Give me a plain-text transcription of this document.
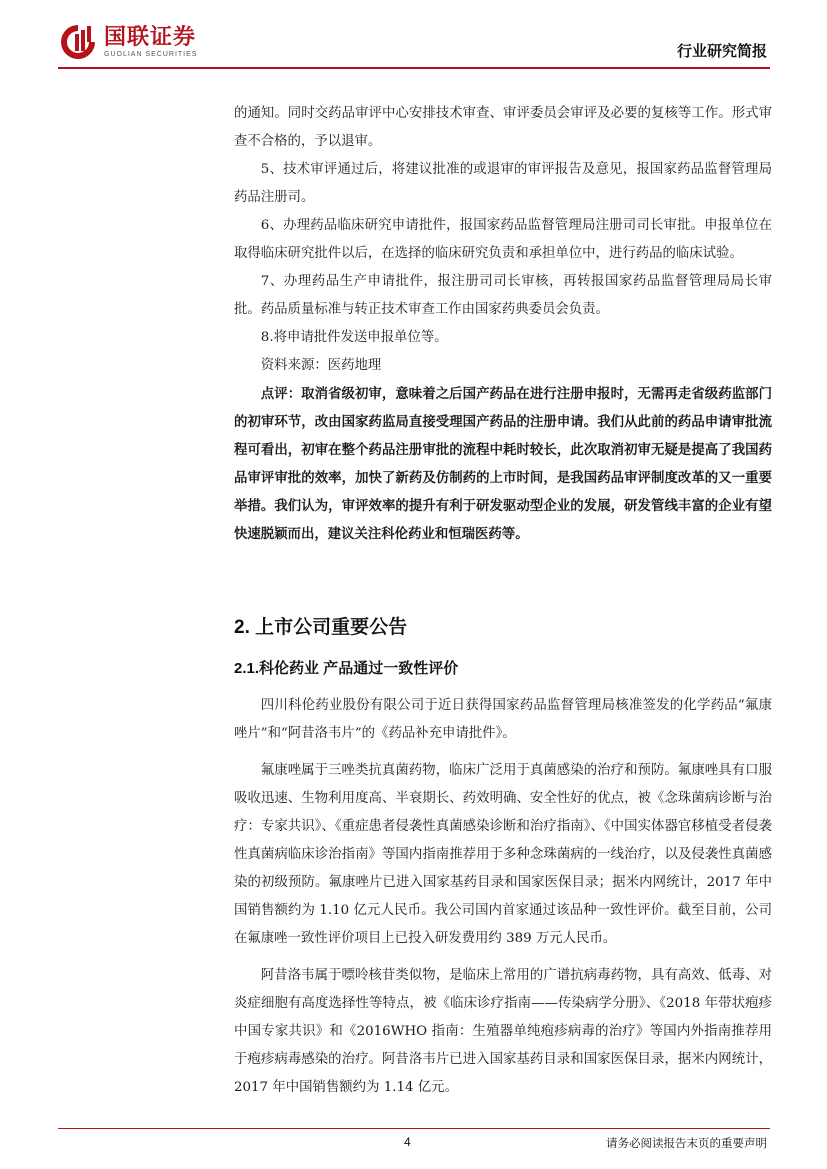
国联证券
GUOLIAN SECURITIES	行业研究简报

的通知。同时交药品审评中心安排技术审查、审评委员会审评及必要的复核等工作。形式审查不合格的，予以退审。

5、技术审评通过后，将建议批准的或退审的审评报告及意见，报国家药品监督管理局药品注册司。

6、办理药品临床研究申请批件，报国家药品监督管理局注册司司长审批。申报单位在取得临床研究批件以后，在选择的临床研究负责和承担单位中，进行药品的临床试验。

7、办理药品生产申请批件，报注册司司长审核，再转报国家药品监督管理局局长审批。药品质量标准与转正技术审查工作由国家药典委员会负责。

8.将申请批件发送申报单位等。

资料来源：医药地理

点评：取消省级初审，意味着之后国产药品在进行注册申报时，无需再走省级药监部门的初审环节，改由国家药监局直接受理国产药品的注册申请。我们从此前的药品申请审批流程可看出，初审在整个药品注册审批的流程中耗时较长，此次取消初审无疑是提高了我国药品审评审批的效率，加快了新药及仿制药的上市时间，是我国药品审评制度改革的又一重要举措。我们认为，审评效率的提升有利于研发驱动型企业的发展，研发管线丰富的企业有望快速脱颖而出，建议关注科伦药业和恒瑞医药等。

2. 上市公司重要公告
2.1.科伦药业 产品通过一致性评价

四川科伦药业股份有限公司于近日获得国家药品监督管理局核准签发的化学药品“氟康唑片”和“阿昔洛韦片”的《药品补充申请批件》。

氟康唑属于三唑类抗真菌药物，临床广泛用于真菌感染的治疗和预防。氟康唑具有口服吸收迅速、生物利用度高、半衰期长、药效明确、安全性好的优点，被《念珠菌病诊断与治疗：专家共识》、《重症患者侵袭性真菌感染诊断和治疗指南》、《中国实体器官移植受者侵袭性真菌病临床诊治指南》等国内指南推荐用于多种念珠菌病的一线治疗，以及侵袭性真菌感染的初级预防。氟康唑片已进入国家基药目录和国家医保目录；据米内网统计，2017 年中国销售额约为 1.10 亿元人民币。我公司国内首家通过该品种一致性评价。截至目前，公司在氟康唑一致性评价项目上已投入研发费用约 389 万元人民币。

阿昔洛韦属于嘌呤核苷类似物，是临床上常用的广谱抗病毒药物，具有高效、低毒、对炎症细胞有高度选择性等特点，被《临床诊疗指南——传染病学分册》、《2018 年带状疱疹中国专家共识》和《2016WHO 指南：生殖器单纯疱疹病毒的治疗》等国内外指南推荐用于疱疹病毒感染的治疗。阿昔洛韦片已进入国家基药目录和国家医保目录，据米内网统计，2017 年中国销售额约为 1.14 亿元。

4	请务必阅读报告末页的重要声明
